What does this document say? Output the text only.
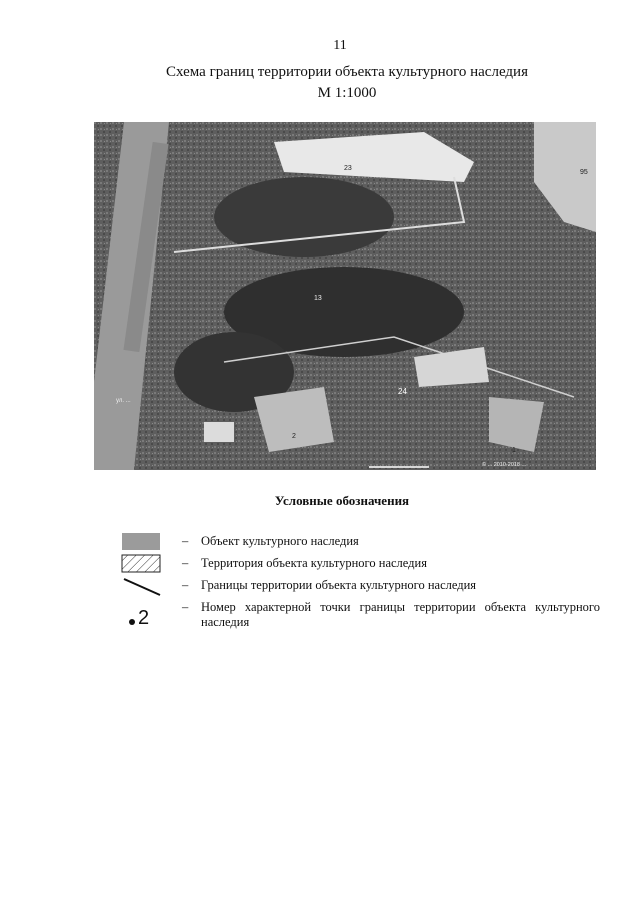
11
Схема границ территории объекта культурного наследия
М 1:1000
23
95
13
24
2
1
ул. ...
© ... 2010-2018 ...
Условные обозначения
– Объект культурного наследия
– Территория объекта культурного наследия
– Границы территории объекта культурного наследия
2	– Номер характерной точки границы территории объекта культурного наследия
